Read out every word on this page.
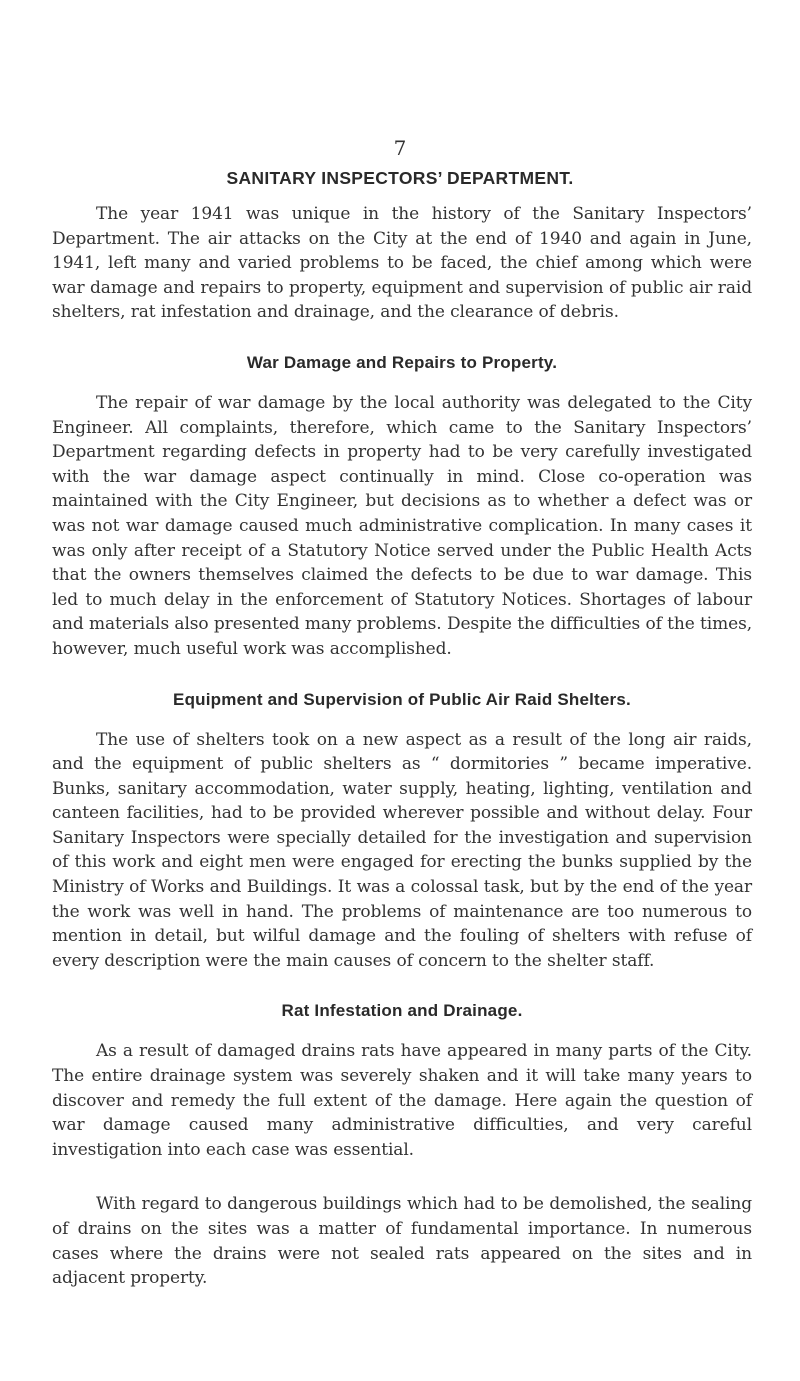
7
SANITARY INSPECTORS’ DEPARTMENT.

The year 1941 was unique in the history of the Sanitary Inspectors’ Department. The air attacks on the City at the end of 1940 and again in June, 1941, left many and varied problems to be faced, the chief among which were war damage and repairs to property, equipment and supervision of public air raid shelters, rat infestation and drainage, and the clearance of debris.

War Damage and Repairs to Property.

The repair of war damage by the local authority was delegated to the City Engineer. All complaints, therefore, which came to the Sanitary Inspectors’ Department regarding defects in property had to be very carefully investigated with the war damage aspect continually in mind. Close co-operation was maintained with the City Engineer, but decisions as to whether a defect was or was not war damage caused much administrative complication. In many cases it was only after receipt of a Statutory Notice served under the Public Health Acts that the owners themselves claimed the defects to be due to war damage. This led to much delay in the enforcement of Statutory Notices. Shortages of labour and materials also presented many problems. Despite the difficulties of the times, however, much useful work was accomplished.

Equipment and Supervision of Public Air Raid Shelters.

The use of shelters took on a new aspect as a result of the long air raids, and the equipment of public shelters as “ dormitories ” became imperative. Bunks, sanitary accommodation, water supply, heating, lighting, ventilation and canteen facilities, had to be provided wherever possible and without delay. Four Sanitary Inspectors were specially detailed for the investigation and supervision of this work and eight men were engaged for erecting the bunks supplied by the Ministry of Works and Buildings. It was a colossal task, but by the end of the year the work was well in hand. The problems of maintenance are too numerous to mention in detail, but wilful damage and the fouling of shelters with refuse of every description were the main causes of concern to the shelter staff.

Rat Infestation and Drainage.

As a result of damaged drains rats have appeared in many parts of the City. The entire drainage system was severely shaken and it will take many years to discover and remedy the full extent of the damage. Here again the question of war damage caused many administrative difficulties, and very careful investigation into each case was essential.

With regard to dangerous buildings which had to be demolished, the sealing of drains on the sites was a matter of fundamental importance. In numerous cases where the drains were not sealed rats appeared on the sites and in adjacent property.
